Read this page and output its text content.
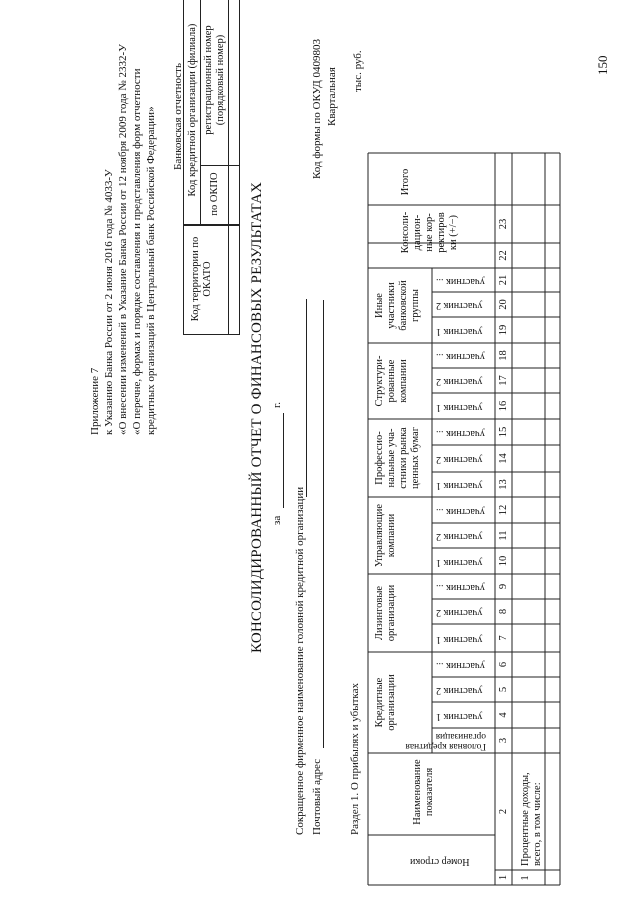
Приложение 7 к Указанию Банка России от 2 июня 2016 года № 4033-У «О внесении изменений в Указание Банка России от 12 ноября 2009 года № 2332-У «О перечне, формах и порядке составления и представления форм отчетности кредитных организаций в Центральный банк Российской Федерации» Банковская отчетность
Код территории по ОКАТО
Код кредитной организации (филиала) по ОКПО
регистрационный номер (порядковый номер)
КОНСОЛИДИРОВАННЫЙ ОТЧЕТ О ФИНАНСОВЫХ РЕЗУЛЬТАТАХ за
г.
Сокращенное фирменное наименование головной кредитной организации Почтовый адрес
Код формы по ОКУД 0409803 Квартальная
Раздел 1. О прибылях и убытках
тыс. руб.
Номер строки
Наименование показателя
Кредитные организации
Лизинговые организации
Управляющие компании
Профессио-нальные уча-стники рынка ценных бумаг
Структури-рованные компании
Иные участники банковской группы
Головная кредитная организация
участник 1
участник 2
участник ...
участник 1
участник 2
участник ...
участник 1
участник 2
участник ...
участник 1
участник 2
участник ...
участник 1
участник 2
участник ...
участник 1
участник 2
участник ...
Консоли-дацион-ные кор-ректиров ки (+/−)
Итого
1
2
3
4
5
6
7
8
9
10
11
12
13
14
15
16
17
18
19
20
21
22
23
1
Процентные доходы, всего, в том числе:
150
